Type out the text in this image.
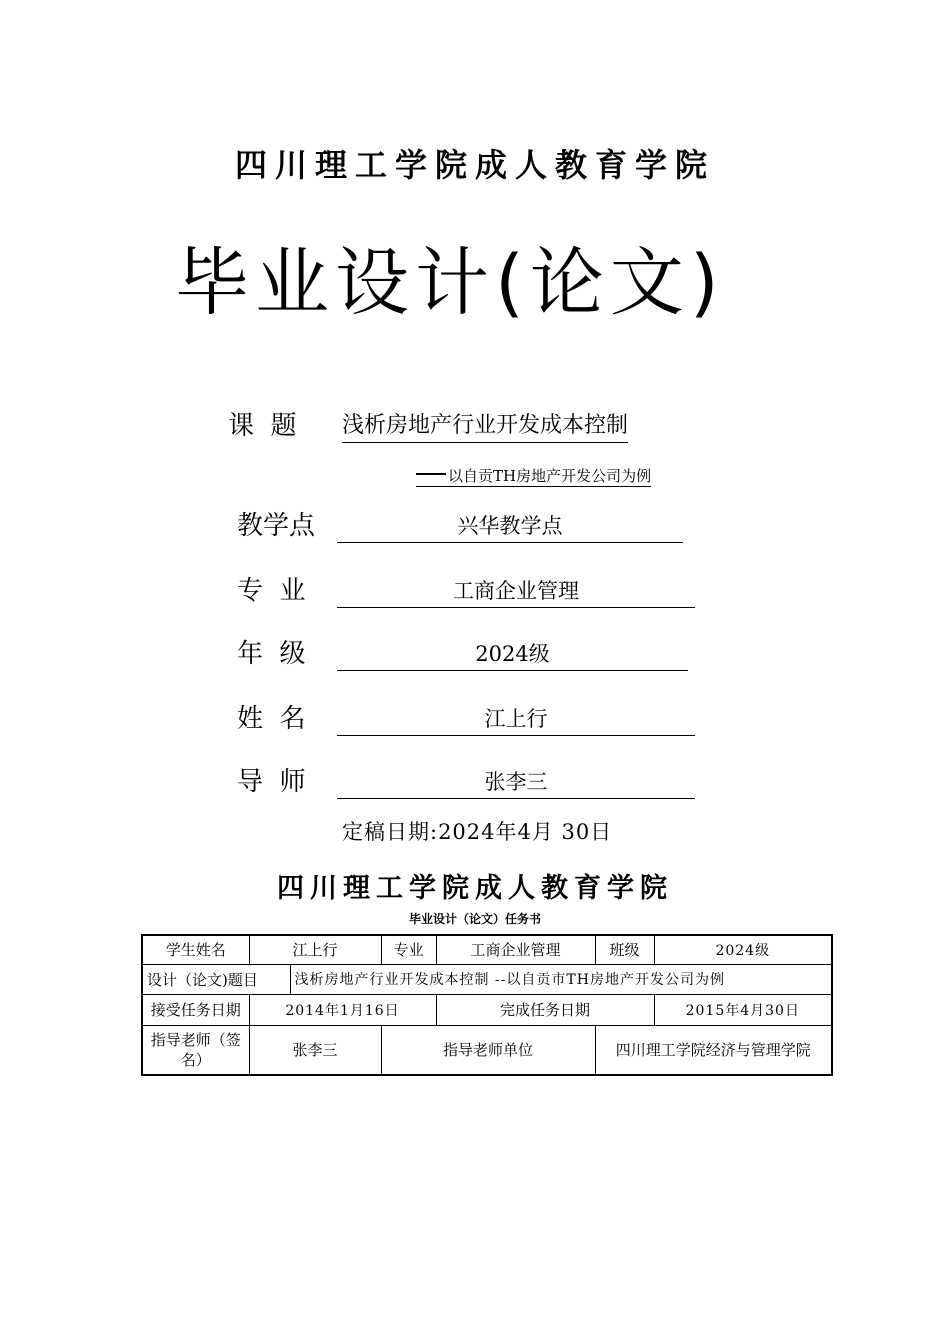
四川理工学院成人教育学院
毕业设计(论文)
课  题 浅析房地产行业开发成本控制
以自贡TH房地产开发公司为例
教学点	兴华教学点
专  业	工商企业管理
年  级	2024级
姓  名	江上行
导  师	张李三
定稿日期:2024年4月 30日
四川理工学院成人教育学院
毕业设计（论文）任务书
学生姓名	江上行		专业	工商企业管理	班级	2024级
设计（论文)题目		浅析房地产行业开发成本控制 --以自贡市TH房地产开发公司为例				
接受任务日期	2014年1月16日			完成任务日期		2015年4月30日
指导老师（签名）	张李三		指导老师单位		四川理工学院经济与管理学院	
